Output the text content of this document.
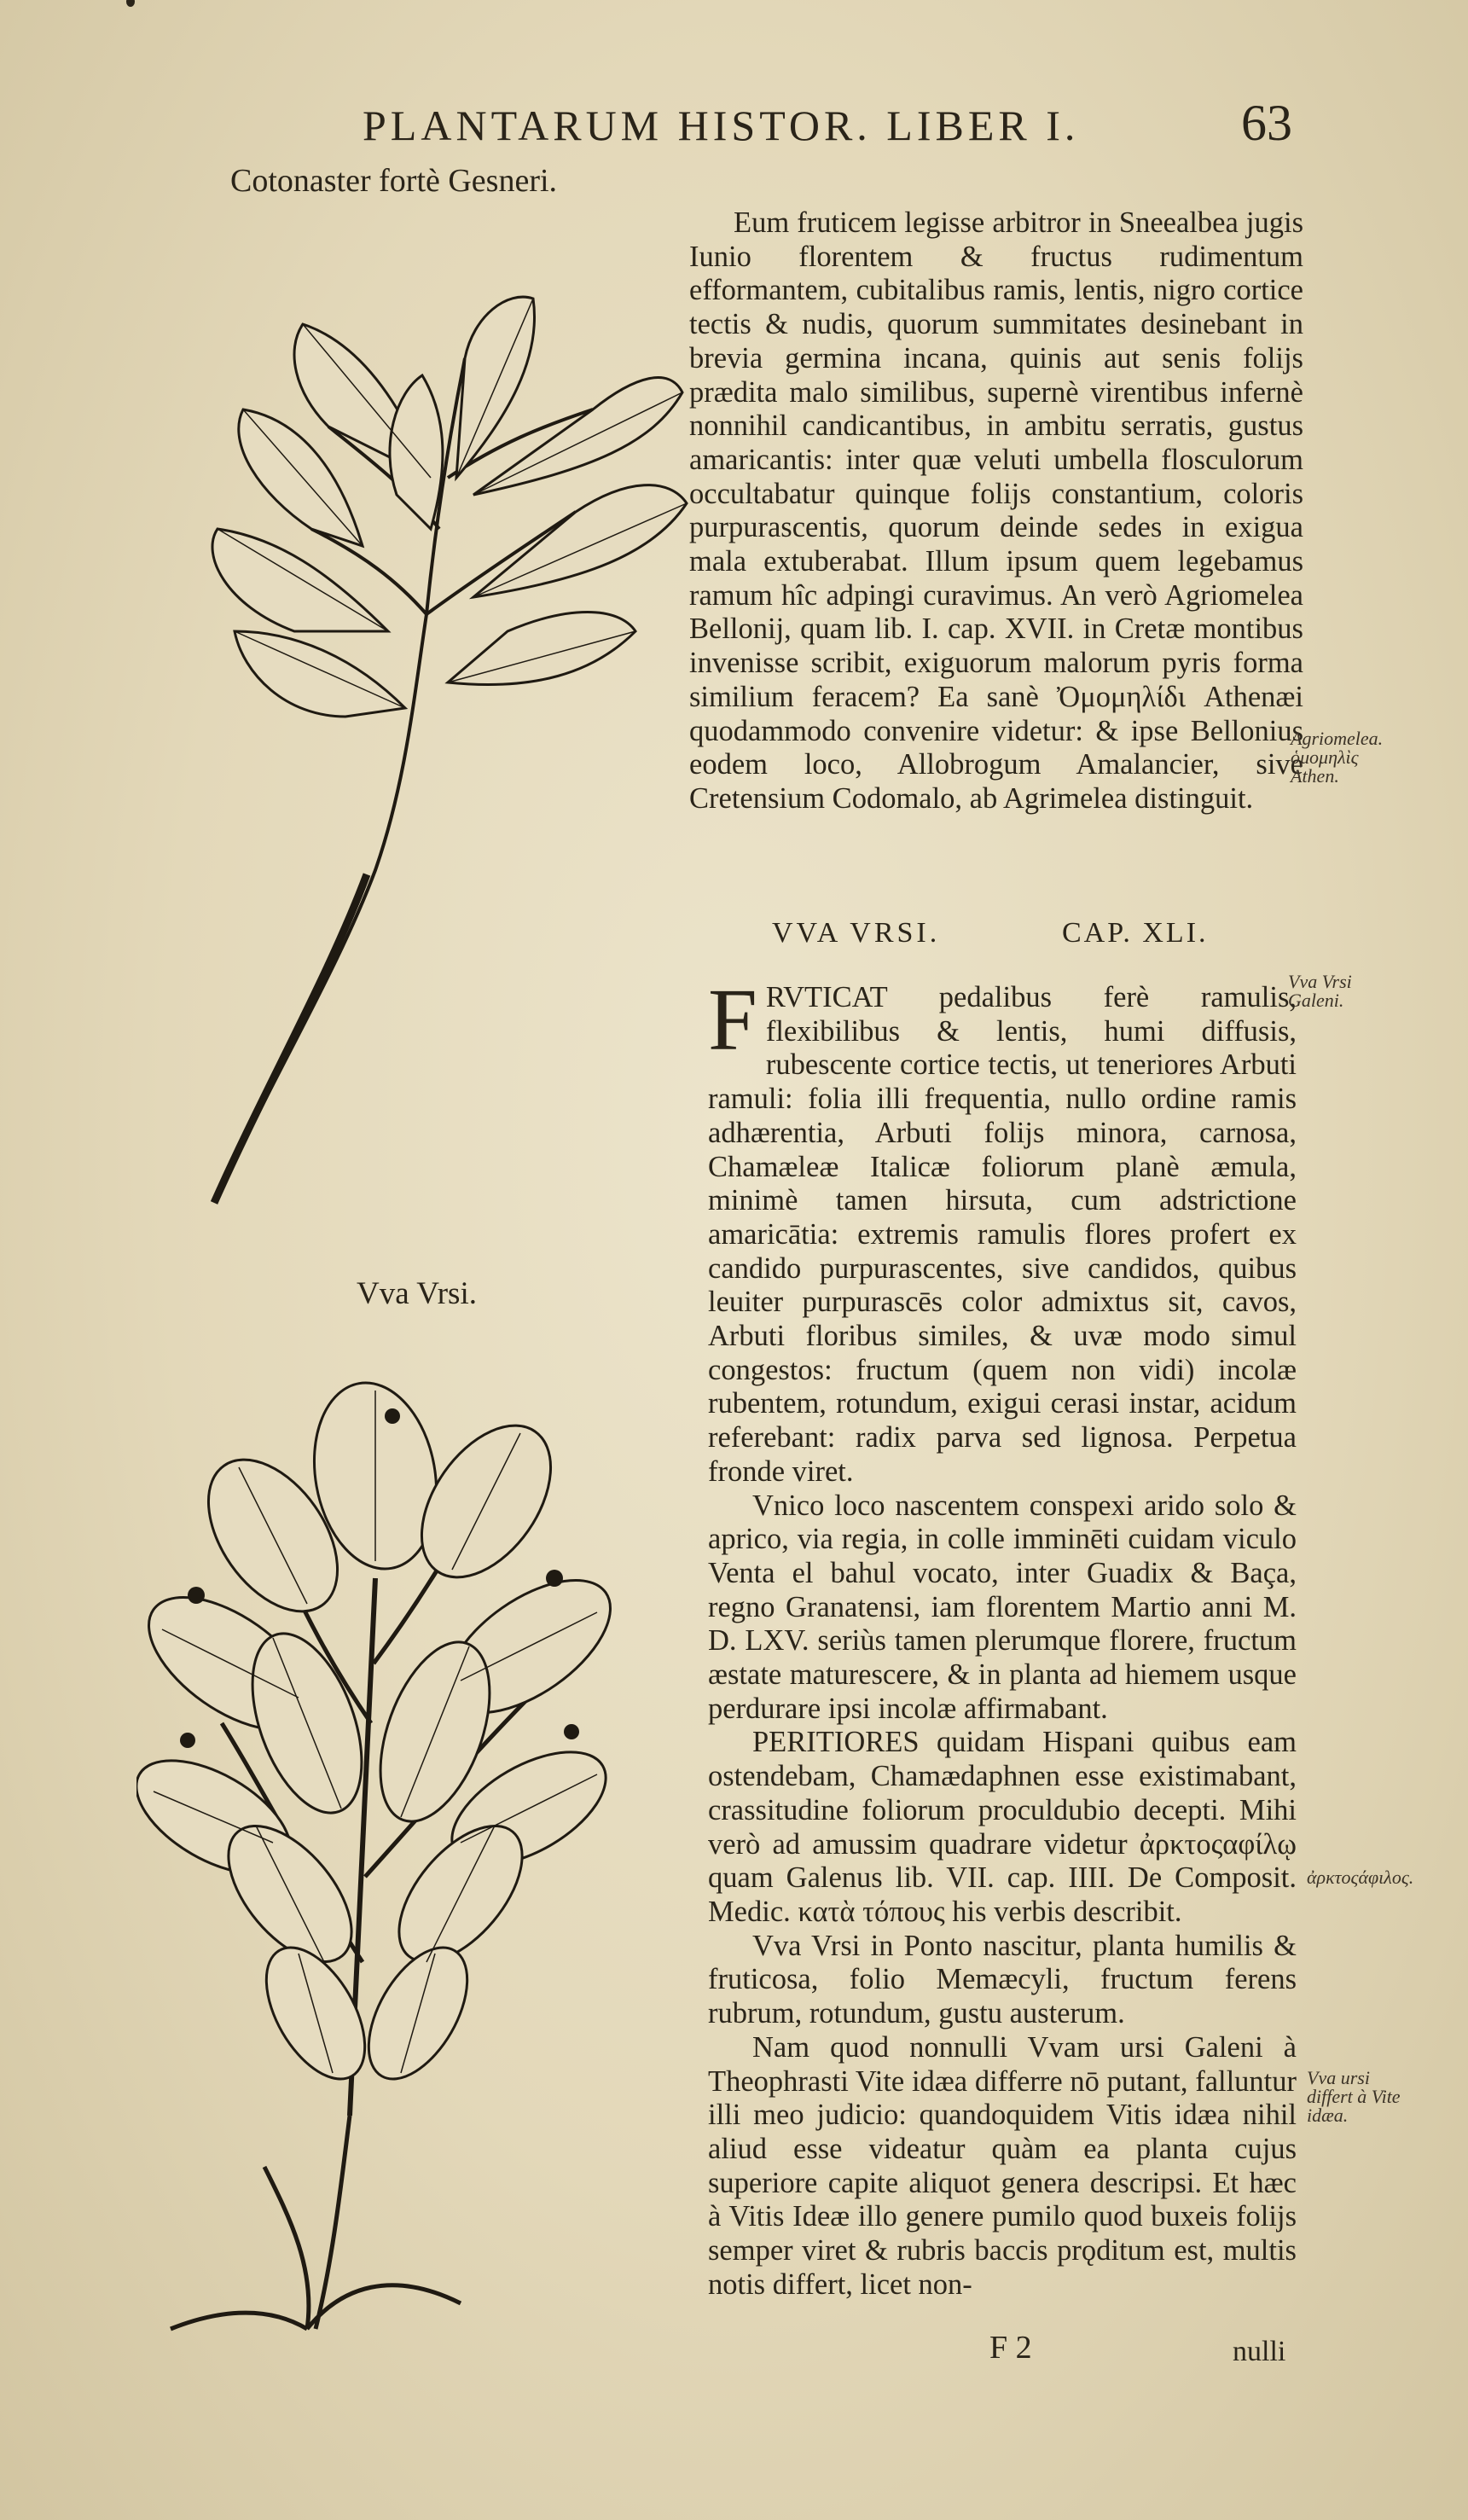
PLANTARUM HISTOR. LIBER I.	63
Cotonaster fortè Gesneri.
Vva Vrsi.

Eum fruticem legisse arbitror in Sneealbea jugis Iunio florentem & fructus rudimentum efformantem, cubitalibus ramis, lentis, nigro cortice tectis & nudis, quorum summitates desinebant in brevia germina incana, quinis aut senis folijs prædita malo similibus, supernè virentibus infernè nonnihil candicantibus, in ambitu serratis, gustus amaricantis: inter quæ veluti umbella flosculorum occultabatur quinque folijs constantium, coloris purpurascentis, quorum deinde sedes in exigua mala extuberabat. Illum ipsum quem legebamus ramum hîc adpingi curavimus. An verò Agriomelea Bellonij, quam lib. I. cap. XVII. in Cretæ montibus invenisse scribit, exiguorum malorum pyris forma similium feracem? Ea sanè Ὀμομηλίδι Athenæi quodammodo convenire videtur: & ipse Bellonius eodem loco, Allobrogum Amalancier, sive Cretensium Codomalo, ab Agrimelea distinguit.

Agriomelea. ὁμομηλὶς Athen.
VVA VRSI.	CAP. XLI.
Vva Vrsi Galeni.

F RVTICAT pedalibus ferè ramulis, flexibilibus & lentis, humi diffusis, rubescente cortice tectis, ut teneriores Arbuti ramuli: folia illi frequentia, nullo ordine ramis adhærentia, Arbuti folijs minora, carnosa, Chamæleæ Italicæ foliorum planè æmula, minimè tamen hirsuta, cum adstrictione amaricātia: extremis ramulis flores profert ex candido purpurascentes, sive candidos, quibus leuiter purpurascēs color admixtus sit, cavos, Arbuti floribus similes, & uvæ modo simul congestos: fructum (quem non vidi) incolæ rubentem, rotundum, exigui cerasi instar, acidum referebant: radix parva sed lignosa. Perpetua fronde viret.

Vnico loco nascentem conspexi arido solo & aprico, via regia, in colle imminēti cuidam viculo Venta el bahul vocato, inter Guadix & Baça, regno Granatensi, iam florentem Martio anni M. D. LXV. seriùs tamen plerumque florere, fructum æstate maturescere, & in planta ad hiemem usque perdurare ipsi incolæ affirmabant.

PERITIORES quidam Hispani quibus eam ostendebam, Chamædaphnen esse existimabant, crassitudine foliorum proculdubio decepti. Mihi verò ad amussim quadrare videtur ἀρκτοςαφίλῳ quam Galenus lib. VII. cap. IIII. De Composit. Medic. κατὰ τόπους his verbis describit.

Vva Vrsi in Ponto nascitur, planta humilis & fruticosa, folio Memæcyli, fructum ferens rubrum, rotundum, gustu austerum.

Nam quod nonnulli Vvam ursi Galeni à Theophrasti Vite idæa differre nō putant, falluntur illi meo judicio: quandoquidem Vitis idæa nihil aliud esse videatur quàm ea planta cujus superiore capite aliquot genera descripsi. Et hæc à Vitis Ideæ illo genere pumilo quod buxeis folijs semper viret & rubris baccis prǫditum est, multis notis differt, licet non-

ἀρκτοςάφιλος.
Vva ursi differt à Vite idæa.
F 2	nulli
